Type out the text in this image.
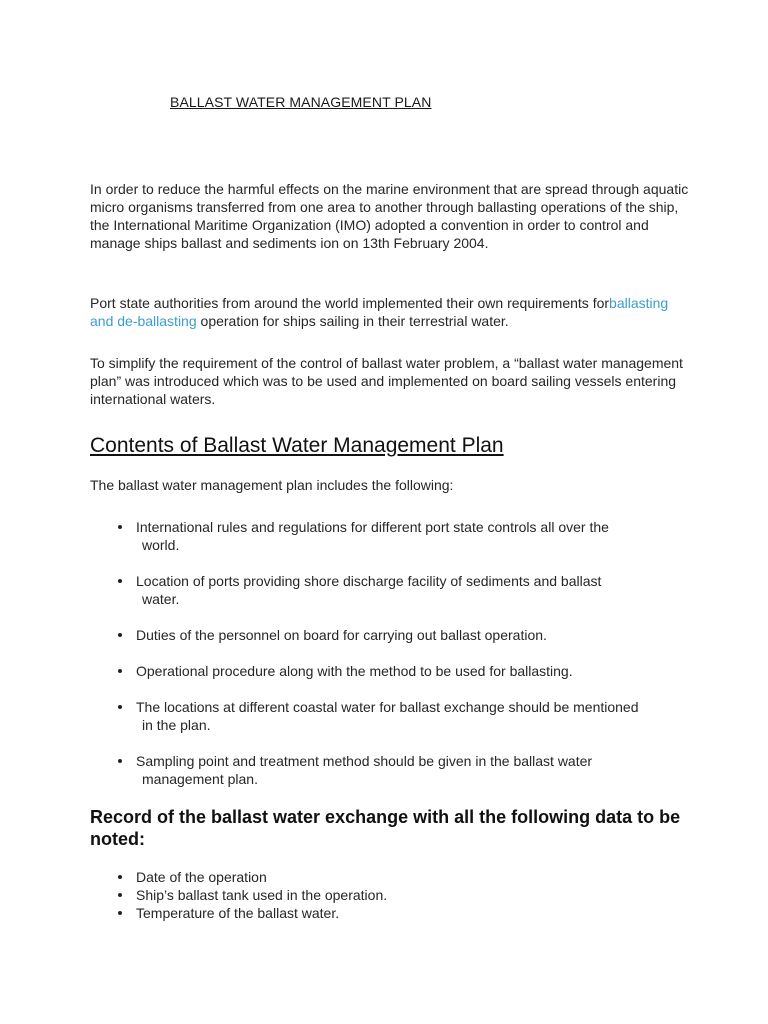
BALLAST WATER MANAGEMENT PLAN

In order to reduce the harmful effects on the marine environment that are spread through aquatic micro organisms transferred from one area to another through ballasting operations of the ship, the International Maritime Organization (IMO) adopted a convention in order to control and manage ships ballast and sediments ion on 13th February 2004.

Port state authorities from around the world implemented their own requirements forballasting and de-ballasting operation for ships sailing in their terrestrial water.

To simplify the requirement of the control of ballast water problem, a “ballast water management plan” was introduced which was to be used and implemented on board sailing vessels entering international waters.

Contents of Ballast Water Management Plan
The ballast water management plan includes the following:
International rules and regulations for different port state controls all over the
world.
Location of ports providing shore discharge facility of sediments and ballast
water.
Duties of the personnel on board for carrying out ballast operation.
Operational procedure along with the method to be used for ballasting.
The locations at different coastal water for ballast exchange should be mentioned
in the plan.
Sampling point and treatment method should be given in the ballast water
management plan.
Record of the ballast water exchange with all the following data to be noted:
Date of the operation
Ship’s ballast tank used in the operation.
Temperature of the ballast water.
